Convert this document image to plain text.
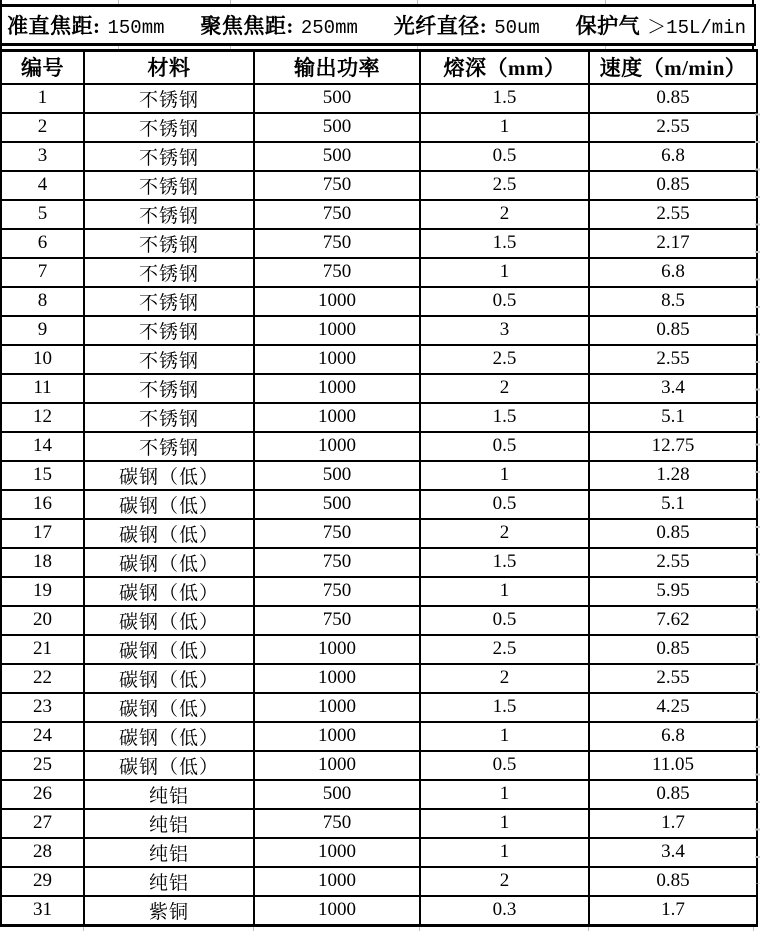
准直焦距: 150mm 聚焦焦距: 250mm 光纤直径: 50um 保护气 ＞15L/min
编号	材料	输出功率	熔深（mm）	速度（m/min）
1	不锈钢	500	1.5	0.85
2	不锈钢	500	1	2.55
3	不锈钢	500	0.5	6.8
4	不锈钢	750	2.5	0.85
5	不锈钢	750	2	2.55
6	不锈钢	750	1.5	2.17
7	不锈钢	750	1	6.8
8	不锈钢	1000	0.5	8.5
9	不锈钢	1000	3	0.85
10	不锈钢	1000	2.5	2.55
11	不锈钢	1000	2	3.4
12	不锈钢	1000	1.5	5.1
14	不锈钢	1000	0.5	12.75
15	碳钢（低）	500	1	1.28
16	碳钢（低）	500	0.5	5.1
17	碳钢（低）	750	2	0.85
18	碳钢（低）	750	1.5	2.55
19	碳钢（低）	750	1	5.95
20	碳钢（低）	750	0.5	7.62
21	碳钢（低）	1000	2.5	0.85
22	碳钢（低）	1000	2	2.55
23	碳钢（低）	1000	1.5	4.25
24	碳钢（低）	1000	1	6.8
25	碳钢（低）	1000	0.5	11.05
26	纯铝	500	1	0.85
27	纯铝	750	1	1.7
28	纯铝	1000	1	3.4
29	纯铝	1000	2	0.85
31	紫铜	1000	0.3	1.7
